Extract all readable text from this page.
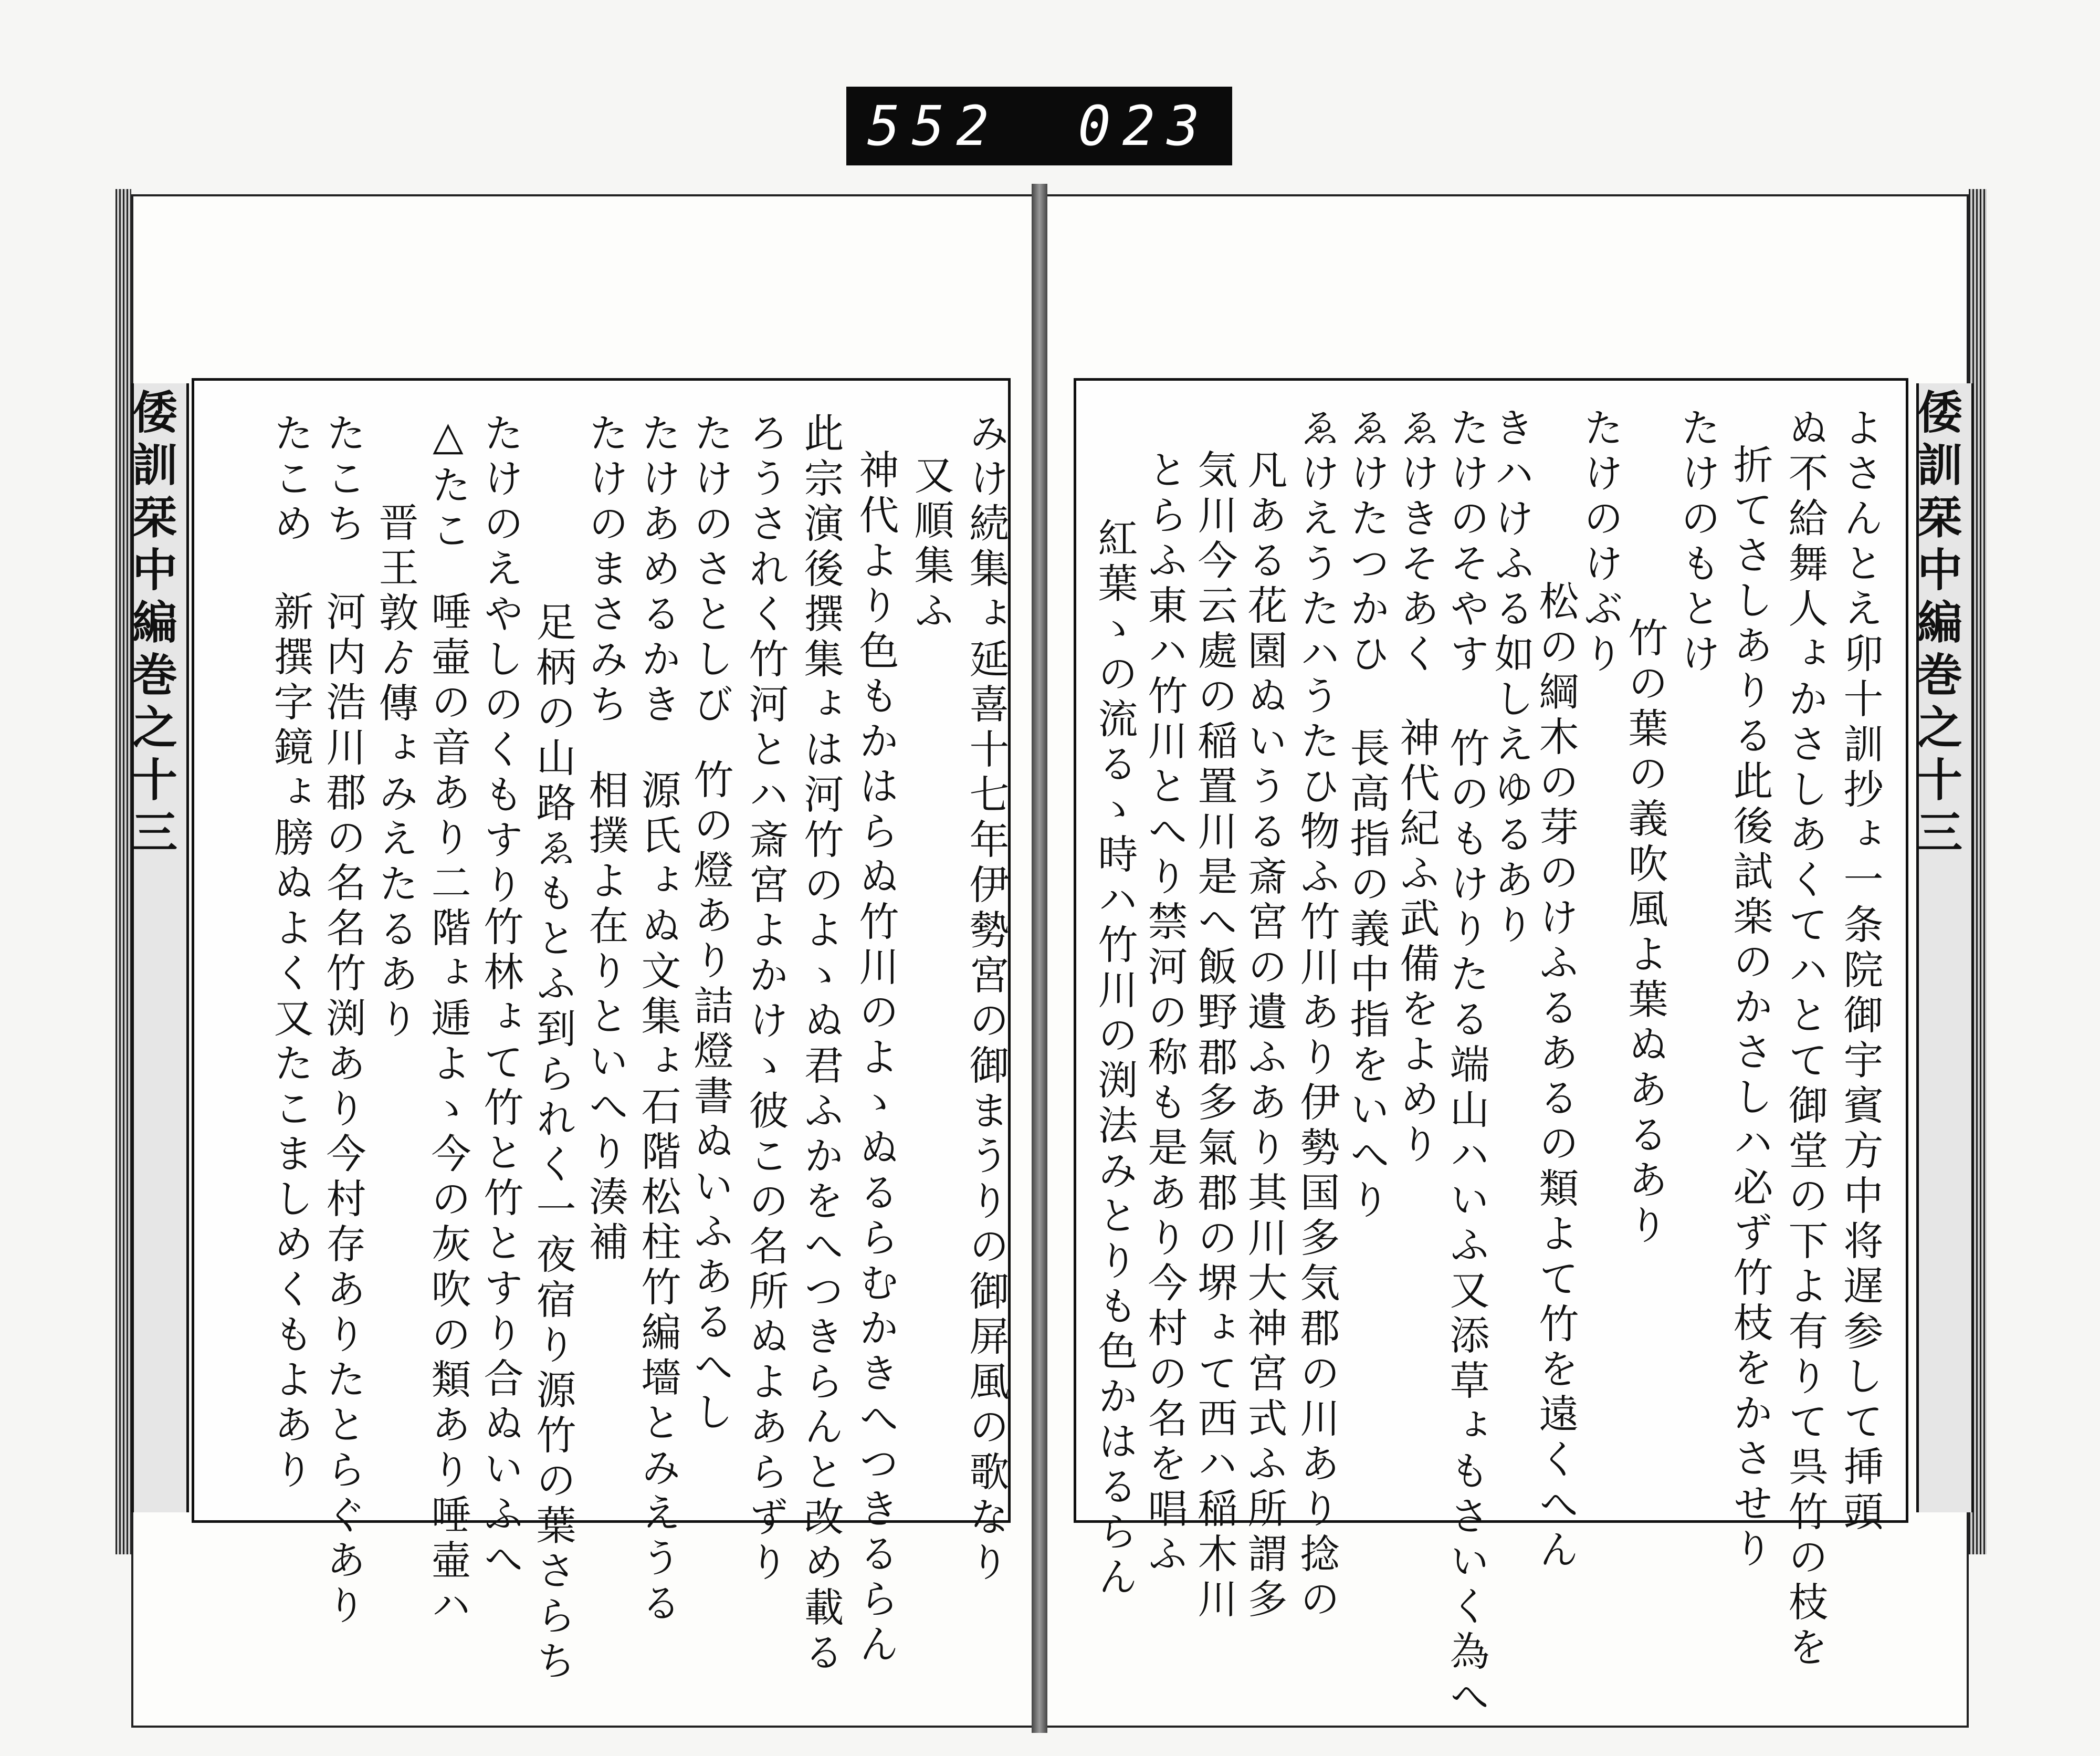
552 023
倭訓栞中編巻之十三
倭訓栞中編巻之十三	よさんとえ卯十訓抄ょ一条院御宇賓方中将遅参して挿頭
ぬ不給舞人ょかさしあくてハとて御堂の下よ有りて呉竹の枝を
折てさしありる此後試楽のかさしハ必ず竹枝をかさせり
たけのもとけ
竹の葉の義吹風よ葉ぬあるあり
たけのけぶり
松の綱木の芽のけふるあるの類よて竹を遠くへん
きハけふる如しえゆるあり
たけのそやす
竹のもけりたる端山ハいふ又添草ょもさいく為へ
ゑけきそあく
神代紀ふ武備をよめり
ゑけたつかひ
長高指の義中指をいへり
ゑけえうたハ
うたひ物ふ竹川あり伊勢国多気郡の川あり捻の
凡ある花園ぬいうる斎宮の遺ふあり其川大神宮式ふ所謂多
気川今云處の稲置川是へ飯野郡多氣郡の堺ょて西ハ稲木川
とらふ東ハ竹川とへり禁河の称も是あり今村の名を唱ふ
紅葉ゝの流るゝ時ハ竹川の渕法みとりも色かはるらん
みけ続集ょ延喜十七年伊勢宮の御まうりの御屏風の歌なり
又順集ふ
神代より色もかはらぬ竹川のよゝぬるらむかきへつきるらん
此宗演後撰集ょは河竹のよゝぬ君ふかをへつきらんと改め載る
ろうされく竹河とハ斎宮よかけゝ彼この名所ぬよあらずり
たけのさとしび
竹の燈あり詰燈書ぬいふあるへし
たけあめるかき
源氏ょぬ文集ょ石階松柱竹編墻とみえうる
たけのまさみち
相撲よ在りといへり湊補
足柄の山路ゑもとふ到られく一夜宿り源竹の葉さらち
たけのえやしのくもすり
竹林ょて竹と竹とすり合ぬいふへ
△たこ
唾壷の音あり二階ょ逓よゝ今の灰吹の類あり唾壷ハ
晋王敦ゟ傳ょみえたるあり
たこち
河内浩川郡の名名竹渕あり今村存ありたとらぐあり
たこめ
新撰字鏡ょ膀ぬよく又たこましめくもよあり
